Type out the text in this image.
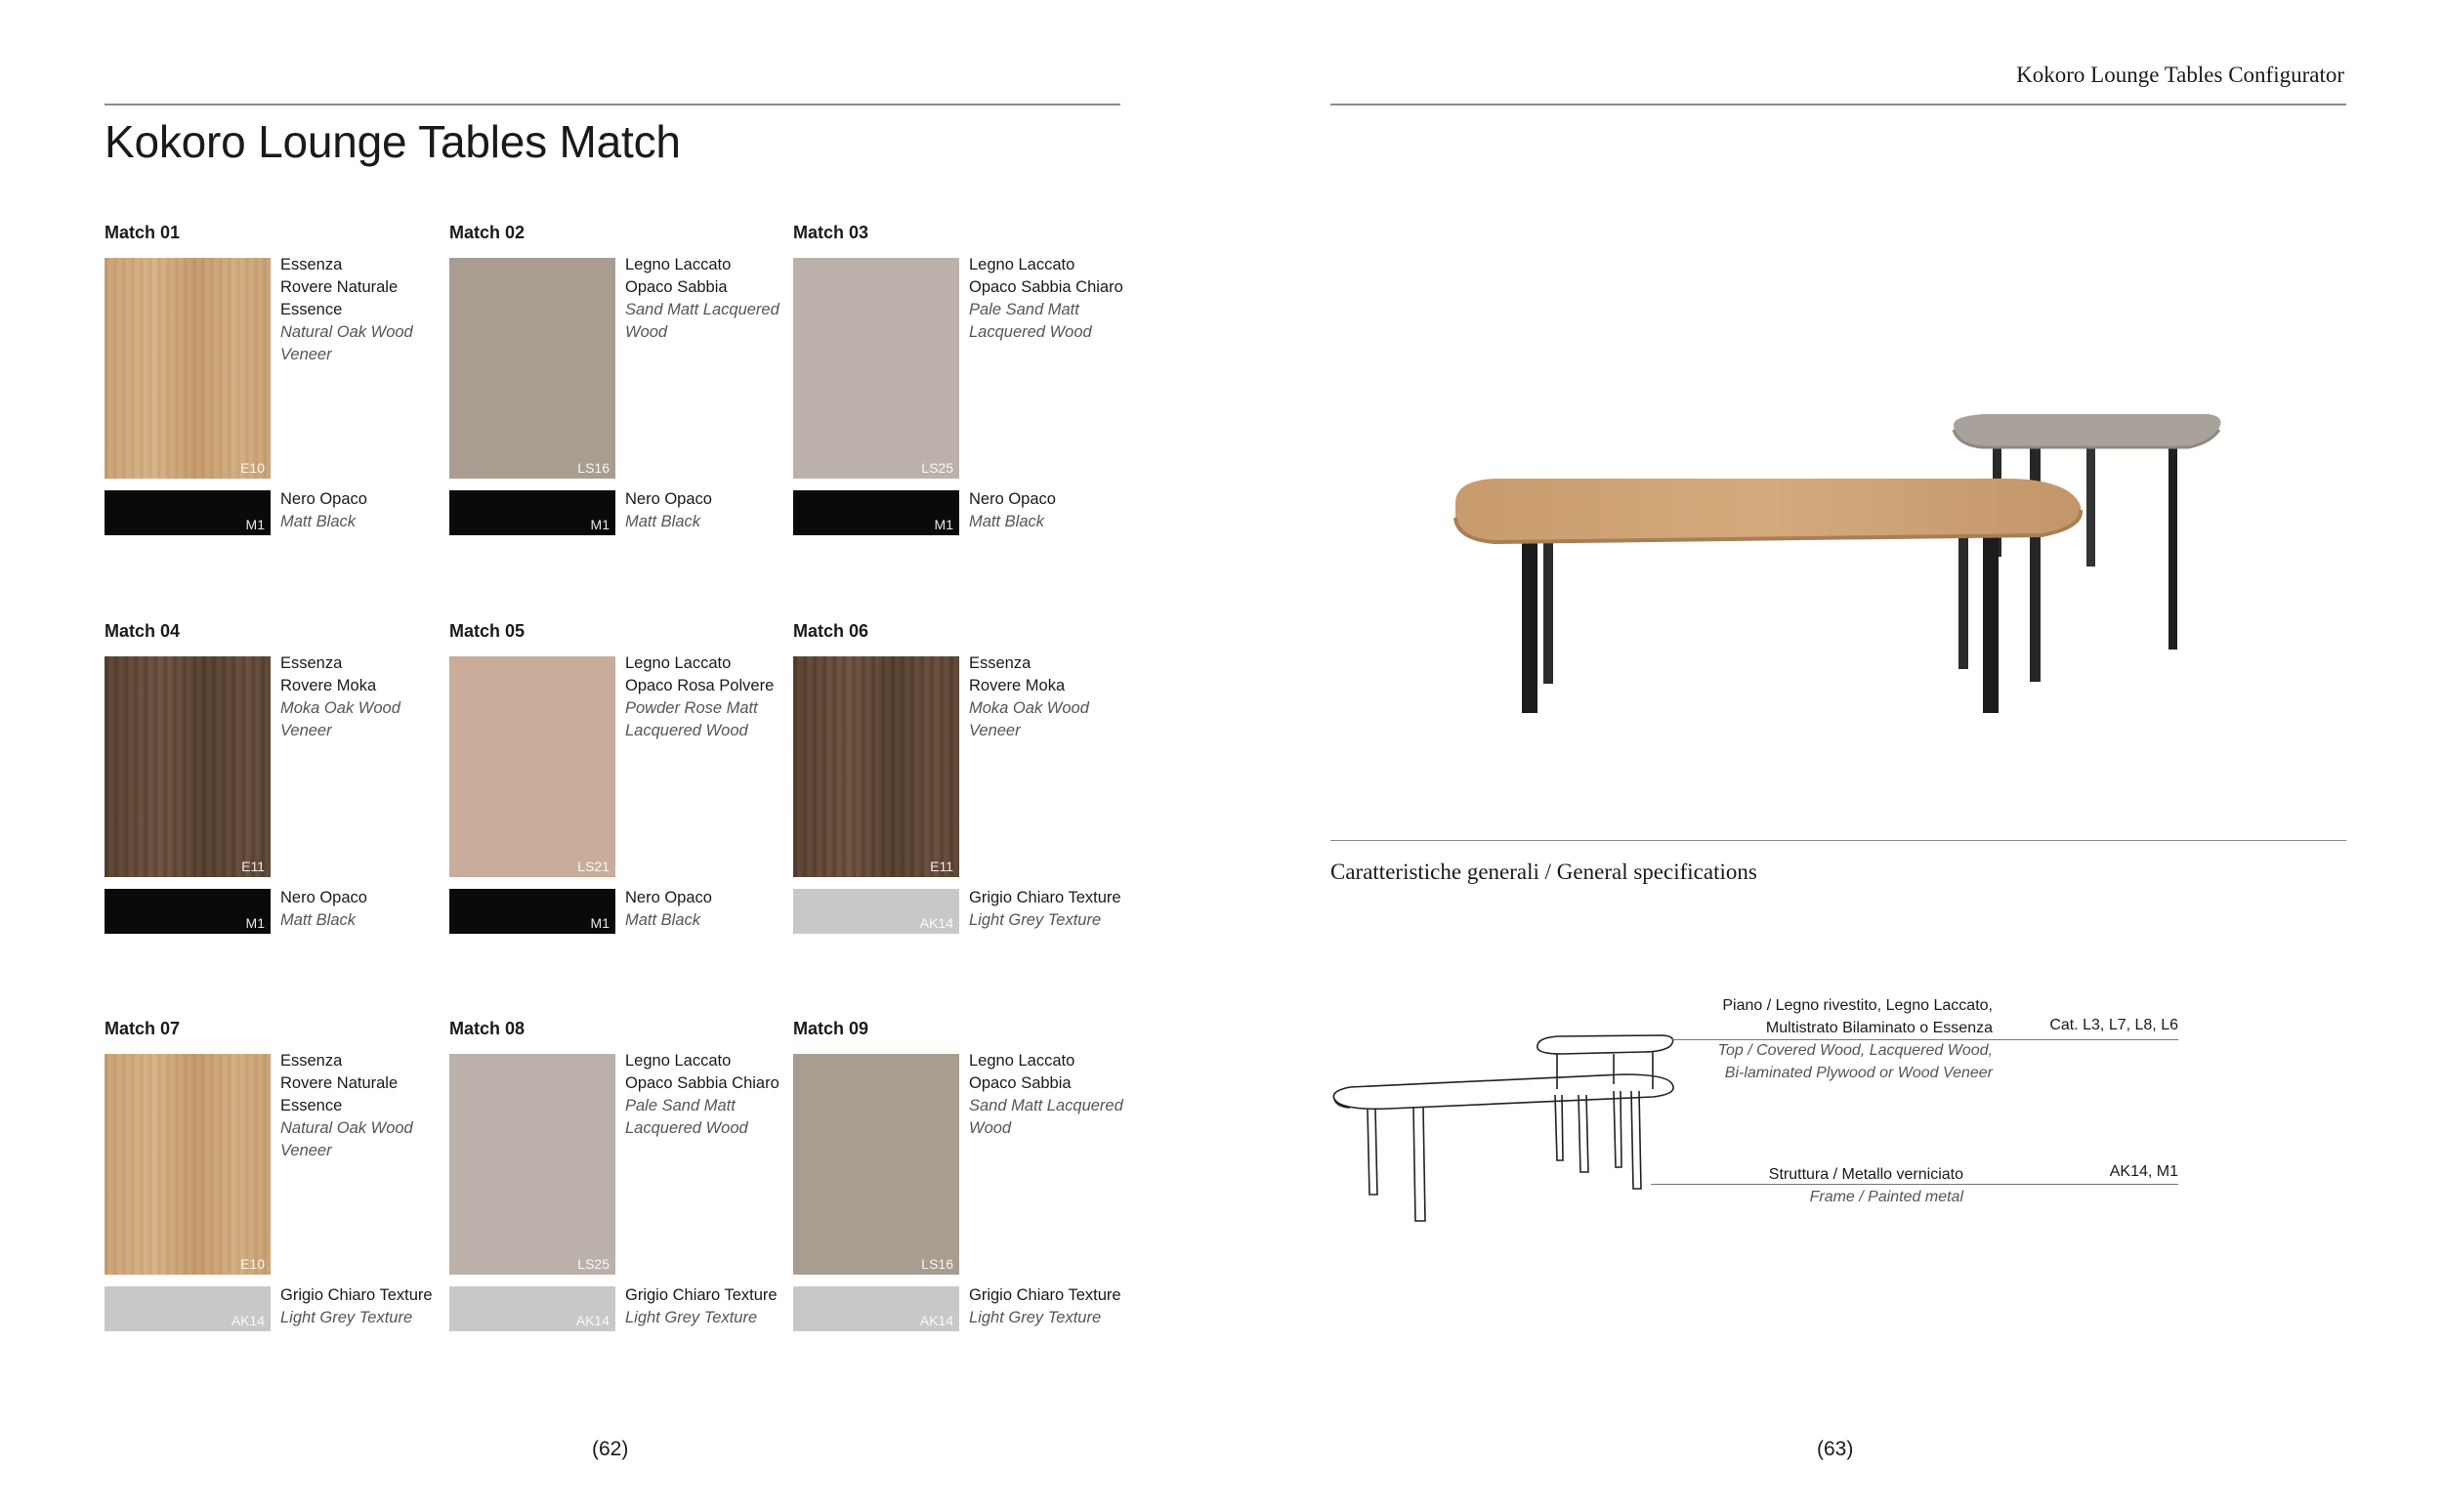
Kokoro Lounge Tables Match
Match 01
E10
Essenza
Rovere Naturale
Essence
Natural Oak Wood
Veneer
M1
Nero Opaco
Matt Black
Match 02
LS16
Legno Laccato
Opaco Sabbia
Sand Matt Lacquered
Wood
M1
Nero Opaco
Matt Black
Match 03
LS25
Legno Laccato
Opaco Sabbia Chiaro
Pale Sand Matt
Lacquered Wood
M1
Nero Opaco
Matt Black
Match 04
E11
Essenza
Rovere Moka
Moka Oak Wood
Veneer
M1
Nero Opaco
Matt Black
Match 05
LS21
Legno Laccato
Opaco Rosa Polvere
Powder Rose Matt
Lacquered Wood
M1
Nero Opaco
Matt Black
Match 06
E11
Essenza
Rovere Moka
Moka Oak Wood
Veneer
AK14
Grigio Chiaro Texture
Light Grey Texture
Match 07
E10
Essenza
Rovere Naturale
Essence
Natural Oak Wood
Veneer
AK14
Grigio Chiaro Texture
Light Grey Texture
Match 08
LS25
Legno Laccato
Opaco Sabbia Chiaro
Pale Sand Matt
Lacquered Wood
AK14
Grigio Chiaro Texture
Light Grey Texture
Match 09
LS16
Legno Laccato
Opaco Sabbia
Sand Matt Lacquered
Wood
AK14
Grigio Chiaro Texture
Light Grey Texture
(62)
Kokoro Lounge Tables Configurator
Caratteristiche generali / General specifications
Piano / Legno rivestito, Legno Laccato,
Multistrato Bilaminato o Essenza
Top / Covered Wood, Lacquered Wood,
Bi-laminated Plywood or Wood Veneer
Cat. L3, L7, L8, L6
Struttura / Metallo verniciato
Frame / Painted metal
AK14, M1
(63)
